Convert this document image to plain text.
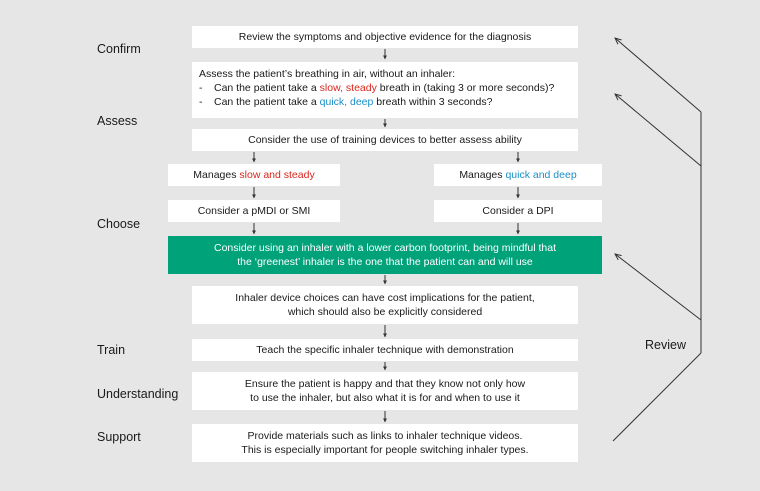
Confirm
Assess
Choose
Train
Understanding
Support
Review the symptoms and objective evidence for the diagnosis
Assess the patient’s breathing in air, without an inhaler:
-	Can the patient take a slow, steady breath in (taking 3 or more seconds)?
-	Can the patient take a quick, deep breath within 3 seconds?
Consider the use of training devices to better assess ability
Manages slow and steady	Manages quick and deep
Consider a pMDI or SMI	Consider a DPI
Consider using an inhaler with a lower carbon footprint, being mindful that
the ‘greenest’ inhaler is the one that the patient can and will use
Inhaler device choices can have cost implications for the patient,
which should also be explicitly considered
Teach the specific inhaler technique with demonstration
Ensure the patient is happy and that they know not only how
to use the inhaler, but also what it is for and when to use it
Provide materials such as links to inhaler technique videos.
This is especially important for people switching inhaler types.
Review
